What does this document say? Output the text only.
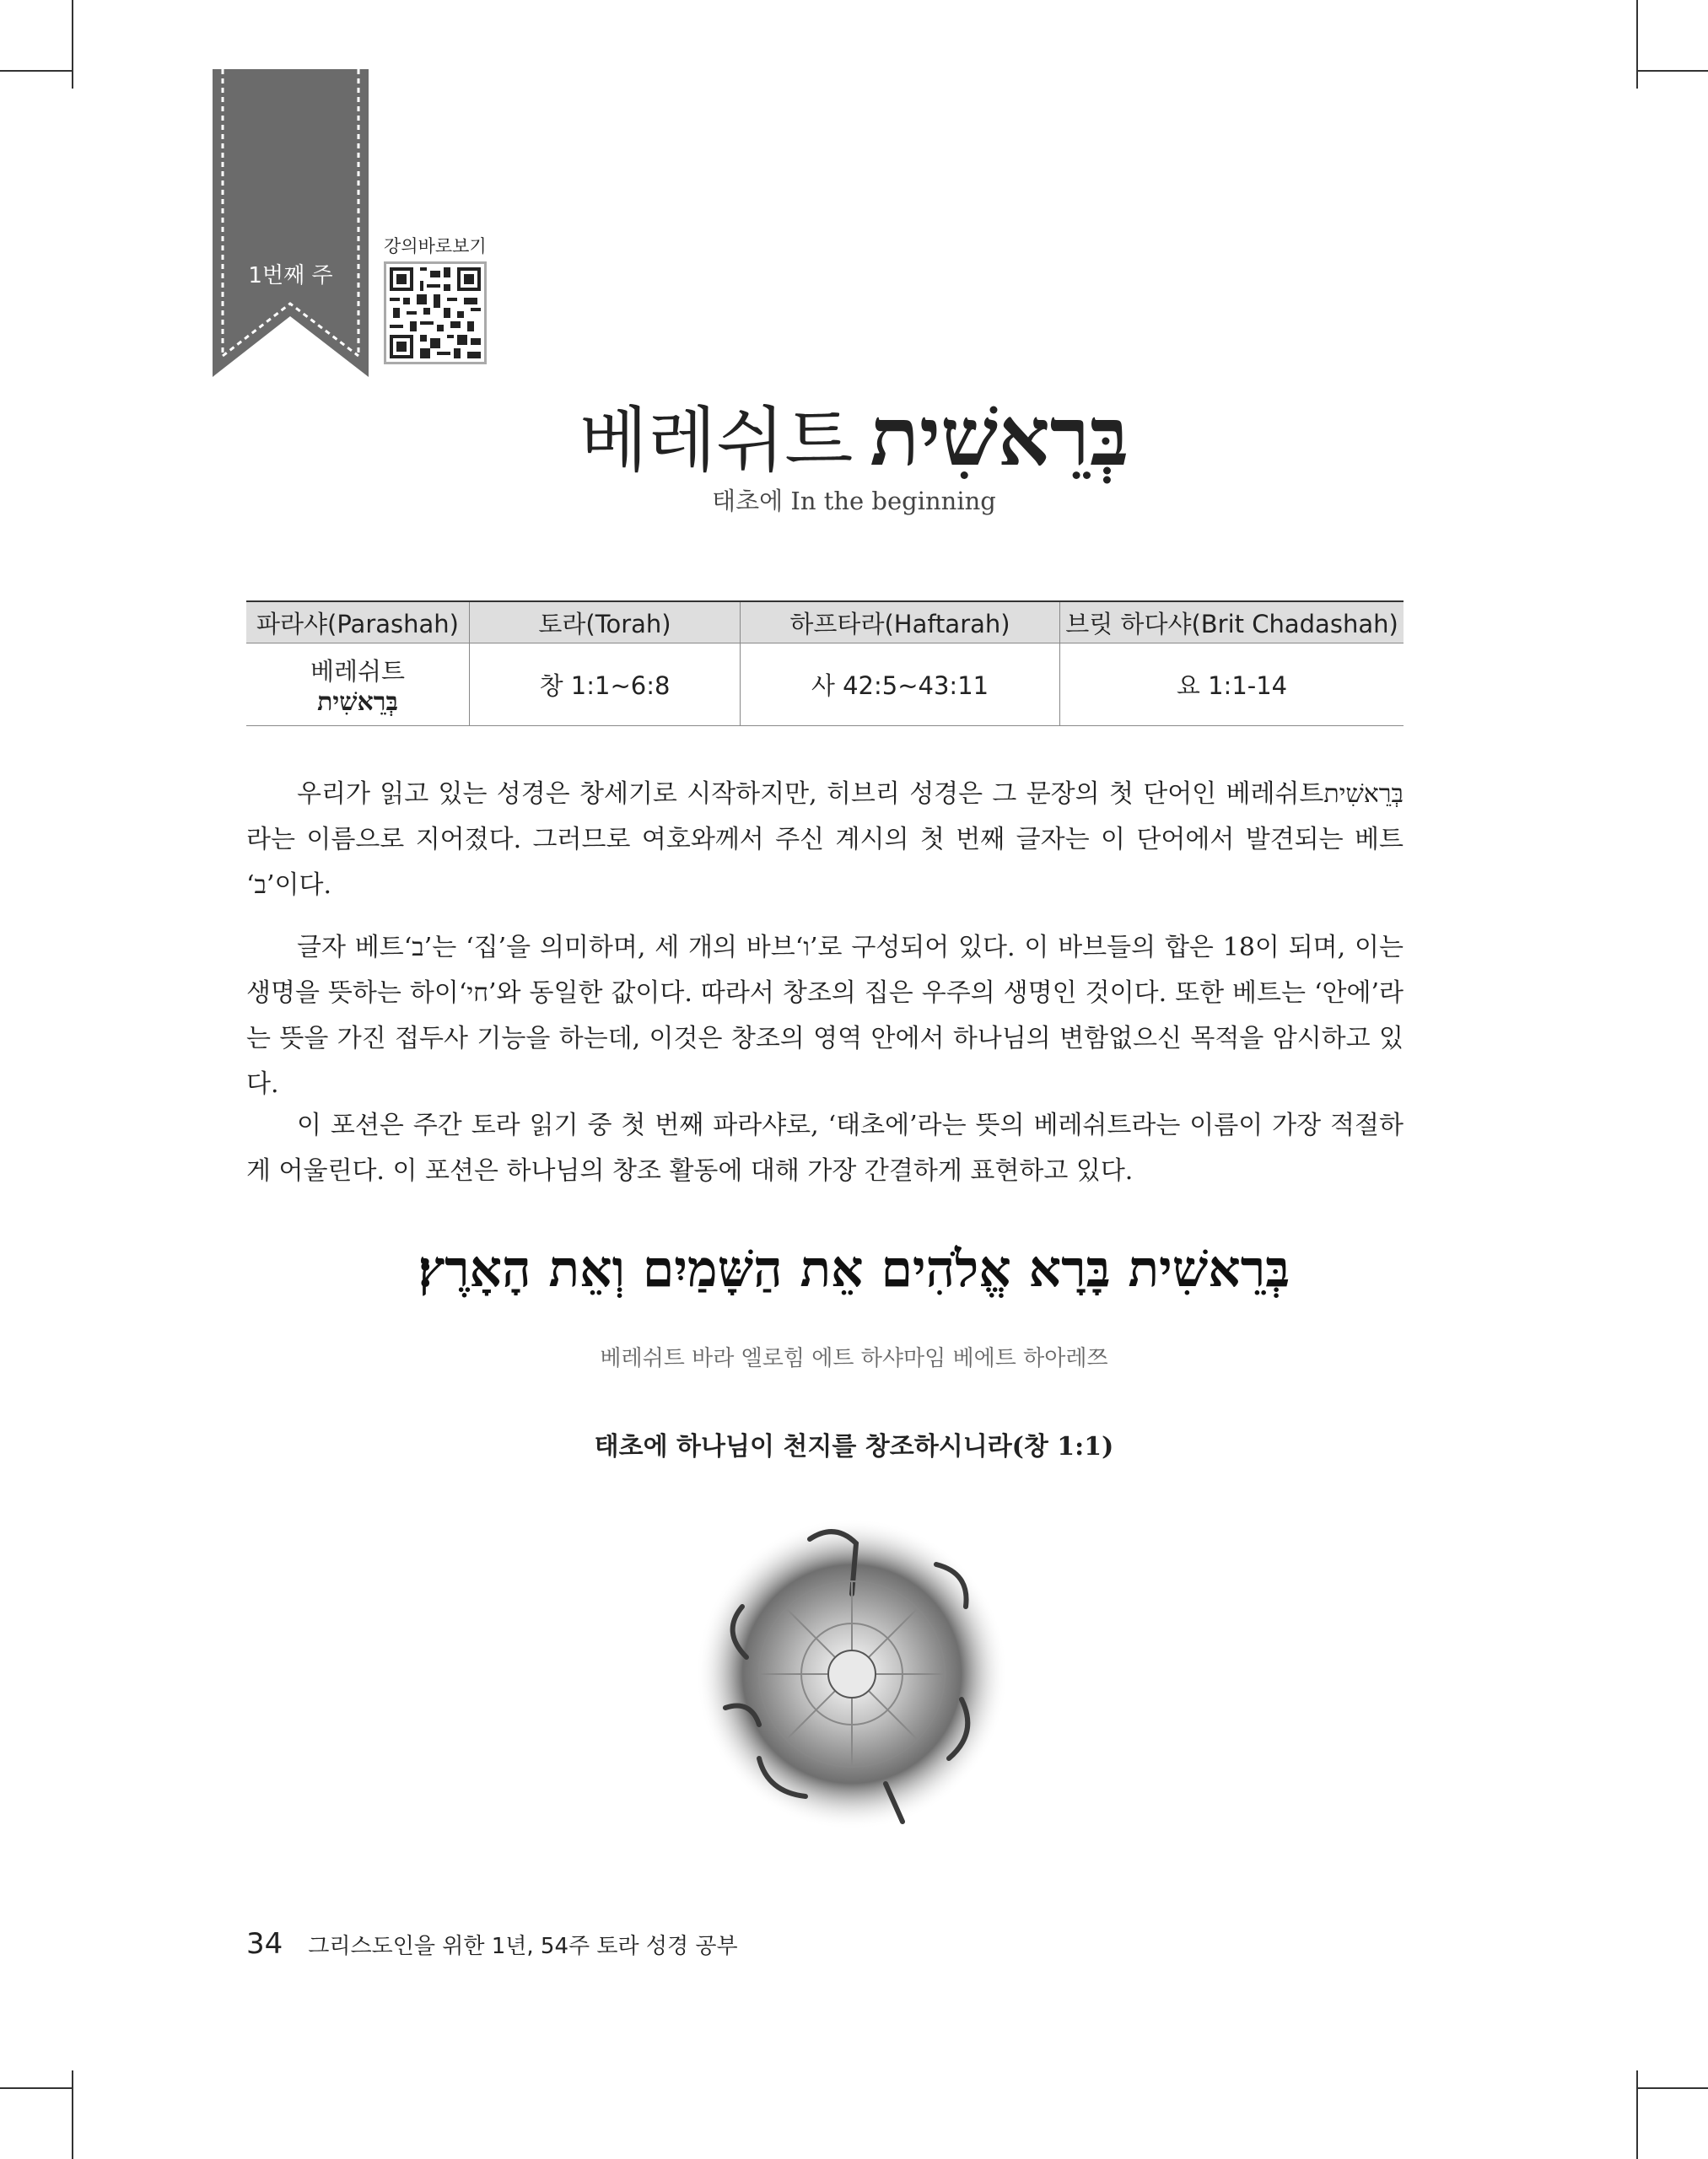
1번째 주
강의바로보기
베레쉬트 בְּרֵאשִׁית
태초에 In the beginning
파라샤(Parashah)	토라(Torah)	하프타라(Haftarah)	브릿 하다샤(Brit Chadashah)
베레쉬트
בְּרֵאשִׁית	창 1:1~6:8	사 42:5~43:11	요 1:1-14

우리가 읽고 있는 성경은 창세기로 시작하지만, 히브리 성경은 그 문장의 첫 단어인 베레쉬트בְּרֵאשִׁית라는 이름으로 지어졌다. 그러므로 여호와께서 주신 계시의 첫 번째 글자는 이 단어에서 발견되는 베트 ‘ב’이다.

글자 베트‘ב’는 ‘집’을 의미하며, 세 개의 바브‘ו’로 구성되어 있다. 이 바브들의 합은 18이 되며, 이는 생명을 뜻하는 하이‘חי’와 동일한 값이다. 따라서 창조의 집은 우주의 생명인 것이다. 또한 베트는 ‘안에’라는 뜻을 가진 접두사 기능을 하는데, 이것은 창조의 영역 안에서 하나님의 변함없으신 목적을 암시하고 있다.

이 포션은 주간 토라 읽기 중 첫 번째 파라샤로, ‘태초에’라는 뜻의 베레쉬트라는 이름이 가장 적절하게 어울린다. 이 포션은 하나님의 창조 활동에 대해 가장 간결하게 표현하고 있다.

בְּרֵאשִׁית בָּרָא אֱלֹהִים אֵת הַשָּׁמַיִם וְאֵת הָאָרֶץ׃
베레쉬트 바라 엘로힘 에트 하샤마임 베에트 하아레쯔
태초에 하나님이 천지를 창조하시니라(창 1:1)
34 그리스도인을 위한 1년, 54주 토라 성경 공부
